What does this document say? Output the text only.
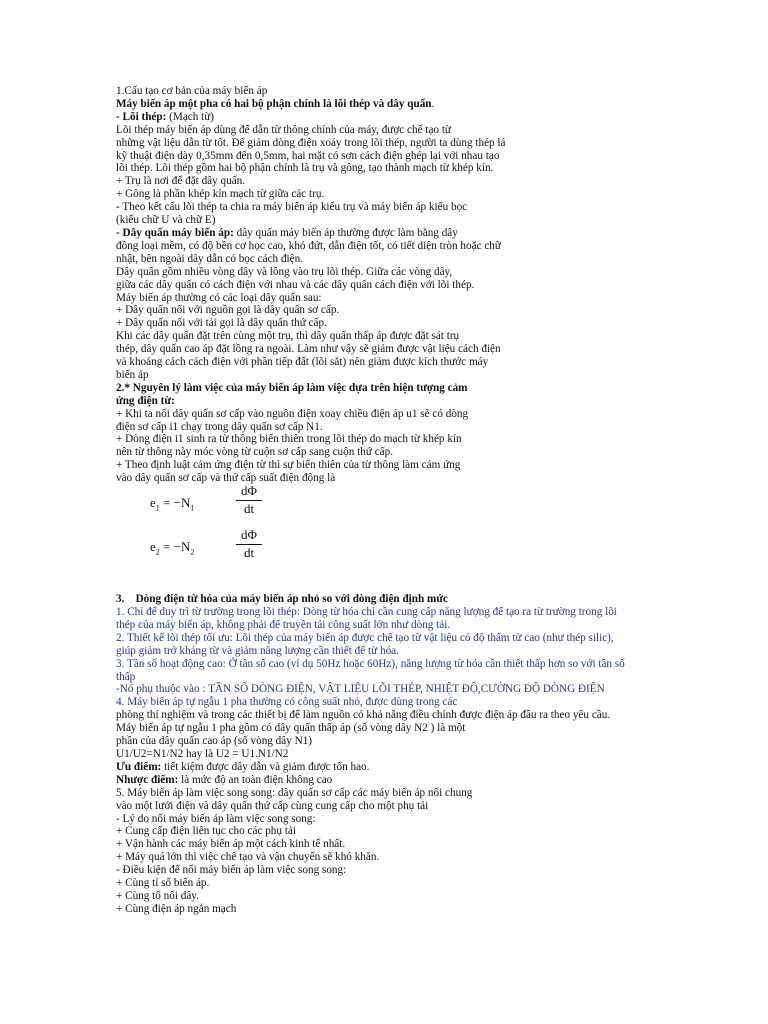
1.Cấu tạo cơ bản của máy biến áp
Máy biến áp một pha có hai bộ phận chính là lõi thép và dây quấn.
- Lõi thép: (Mạch từ)
Lõi thép máy biến áp dùng để dẫn từ thông chính của máy, được chế tạo từ
những vật liệu dẫn từ tốt. Để giảm dòng điện xoáy trong lõi thép, người ta dùng thép lá
kỹ thuật điện dày 0,35mm đến 0,5mm, hai mặt có sơn cách điện ghép lại với nhau tạo
lõi thép. Lõi thép gồm hai bộ phận chính là trụ và gông, tạo thành mạch từ khép kín.
+ Trụ là nơi để đặt dây quấn.
+ Gông là phần khép kín mạch từ giữa các trụ.
- Theo kết cấu lõi thép ta chia ra máy biến áp kiểu trụ và máy biến áp kiểu bọc
(kiểu chữ U và chữ E)
- Dây quấn máy biến áp: dây quấn máy biến áp thường được làm bằng dây
đồng loại mềm, có độ bền cơ học cao, khó đứt, dẫn điện tốt, có tiết diện tròn hoặc chữ
nhật, bên ngoài dây dẫn có bọc cách điện.
Dây quấn gồm nhiều vòng dây và lồng vào trụ lõi thép. Giữa các vòng dây,
giữa các dây quấn có cách điện với nhau và các dây quấn cách điện với lõi thép.
Máy biến áp thường có các loại dây quấn sau:
+ Dây quấn nối với nguồn gọi là dây quấn sơ cấp.
+ Dây quấn nối với tải gọi là dây quấn thứ cấp.
Khi các dây quấn đặt trên cùng một trụ, thì dây quấn thấp áp được đặt sát trụ
thép, dây quấn cao áp đặt lồng ra ngoài. Làm như vậy sẽ giảm được vật liệu cách điện
và khoảng cách cách điện với phần tiếp đất (lõi sắt) nên giảm được kích thước máy
biến áp
2.* Nguyên lý làm việc của máy biến áp làm việc dựa trên hiện tượng cảm
ứng điện từ:
+ Khi ta nối dây quấn sơ cấp vào nguồn điện xoay chiều điện áp u1 sẽ có dòng
điện sơ cấp i1 chạy trong dây quấn sơ cấp N1.
+ Dòng điện i1 sinh ra từ thông biến thiên trong lõi thép do mạch từ khép kín
nên từ thông này móc vòng từ cuộn sơ cấp sang cuộn thứ cấp.
+ Theo định luật cảm ứng điện từ thì sự biến thiên của từ thông làm cảm ứng
vào dây quấn sơ cấp và thứ cấp suất điện động là
$e_1 = -N_1$	$\frac{d\Phi}{dt}$
$e_2 = -N_2$	$\frac{d\Phi}{dt}$
3.    Dòng điện từ hóa của máy biến áp nhỏ so với dòng điện định mức
1. Chỉ để duy trì từ trường trong lõi thép: Dòng từ hóa chỉ cần cung cấp năng lượng để tạo ra từ trường trong lõi
thép của máy biến áp, không phải để truyền tải công suất lớn như dòng tải.
2. Thiết kế lõi thép tối ưu: Lõi thép của máy biến áp được chế tạo từ vật liệu có độ thẩm từ cao (như thép silic),
giúp giảm trở kháng từ và giảm năng lượng cần thiết để từ hóa.
3. Tần số hoạt động cao: Ở tần số cao (ví dụ 50Hz hoặc 60Hz), năng lượng từ hóa cần thiết thấp hơn so với tần số
thấp
-Nó phụ thuộc vào : TẦN SỐ DÒNG ĐIỆN, VẬT LIỆU LÕI THÉP, NHIỆT ĐỘ,CƯỜNG ĐỘ DÒNG ĐIỆN
4. Máy biến áp tự ngẫu 1 pha thường có công suất nhỏ, được dùng trong các
phòng thí nghiệm và trong các thiết bị để làm nguồn có khả năng điều chỉnh được điện áp đầu ra theo yêu cầu.
Máy biến áp tự ngẫu 1 pha gồm có dây quấn thấp áp (số vòng dây N2 ) là một
phần của dây quấn cao áp (số vòng dây N1)
U1/U2=N1/N2 hay là U2 = U1.N1/N2
Ưu điểm: tiết kiệm được dây dẫn và giảm được tổn hao.
Nhược điểm: là mức độ an toàn điện không cao
5. Máy biến áp làm việc song song: dây quấn sơ cấp các máy biến áp nối chung
vào một lưới điện và dây quấn thứ cấp cùng cung cấp cho một phụ tải
- Lý do nối máy biến áp làm việc song song:
+ Cung cấp điện liên tục cho các phụ tải
+ Vận hành các máy biến áp một cách kinh tế nhất.
+ Máy quá lớn thì việc chế tạo và vận chuyển sẽ khó khăn.
- Điều kiện để nối máy biến áp làm việc song song:
+ Cùng tỉ số biến áp.
+ Cùng tổ nối dây.
+ Cùng điện áp ngắn mạch
